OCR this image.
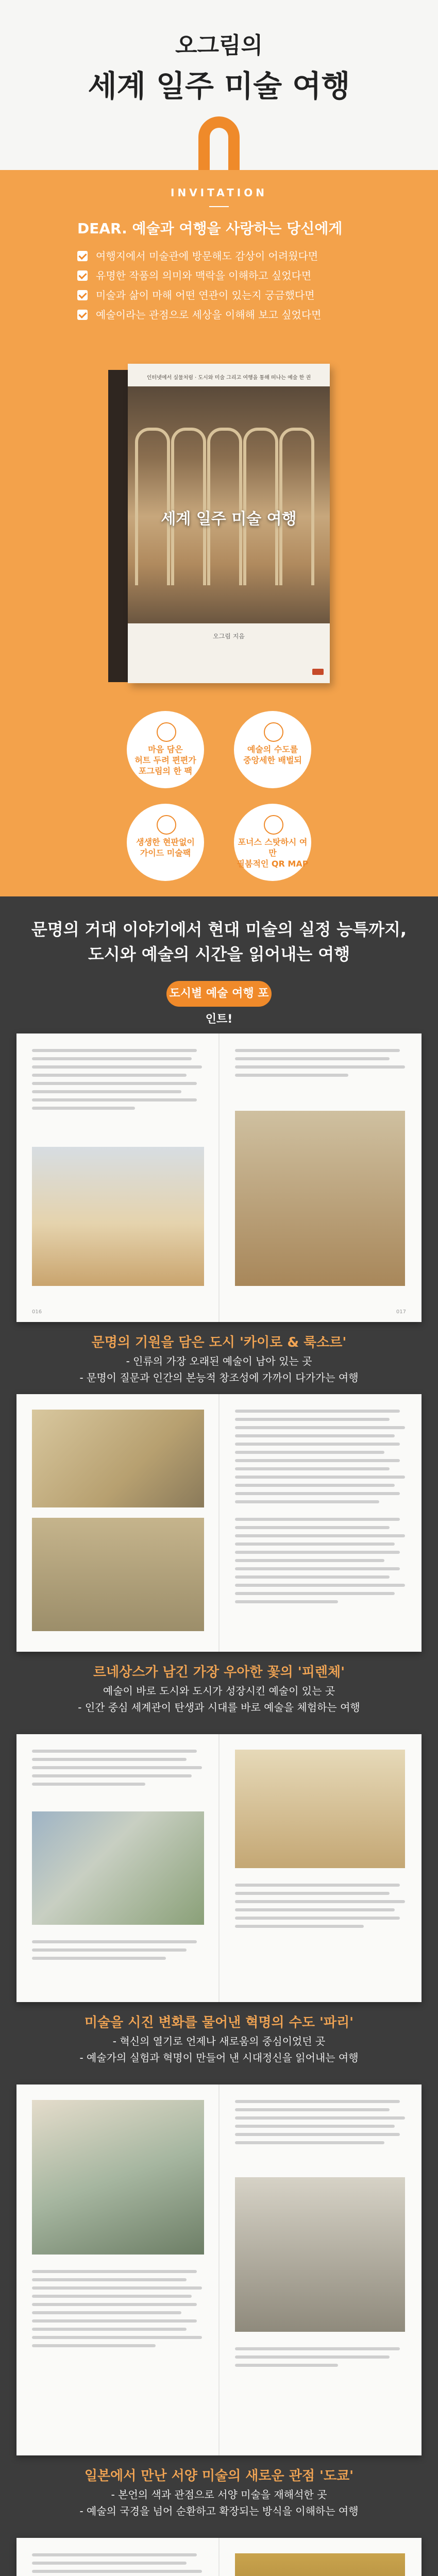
오그림의
세계 일주 미술 여행
INVITATION
DEAR. 예술과 여행을 사랑하는 당신에게
여행지에서 미술관에 방문해도 감상이 어려웠다면
유명한 작품의 의미와 맥락을 이해하고 싶었다면
미술과 삶이 마해 어떤 연관이 있는지 궁금했다면
예술이라는 관점으로 세상을 이해해 보고 싶었다면
인터넷에서 실물처럼 · 도시와 미술 그리고 여행을 통해 떠나는 예술 한 권
세계 일주 미술 여행
오그림 지음
마음 담은
허트 두려 편편가
포그림의 한 팩
예술의 수도를
중앙세한 배벌되
생생한 현판없이
가이드 미술팩
포너스 스탓하시 여만
필붐적인 QR MAP
문명의 거대 이야기에서 현대 미술의 실정 능특까지,
도시와 예술의 시간을 읽어내는 여행
도시별 예술 여행 포인트!
016	017
문명의 기원을 담은 도시 '카이로 & 룩소르'
- 인류의 가장 오래된 예술이 남아 있는 곳
- 문명이 질문과 인간의 본능적 창조성에 가까이 다가가는 여행
르네상스가 남긴 가장 우아한 꽃의 '피렌체'
예술이 바로 도시와 도시가 성장시킨 예술이 있는 곳
- 인간 중심 세계관이 탄생과 시대를 바로 예술을 체험하는 여행
미술을 시진 변화를 물어낸 혁명의 수도 '파리'
- 혁신의 열기로 언제나 새로움의 중심이었던 곳
- 예술가의 실험과 혁명이 만들어 낸 시대정신을 읽어내는 여행
일본에서 만난 서양 미술의 새로운 관점 '도쿄'
- 본언의 색과 관점으로 서양 미술을 재해석한 곳
- 예술의 국경을 넘어 순환하고 확장되는 방식을 이해하는 여행
